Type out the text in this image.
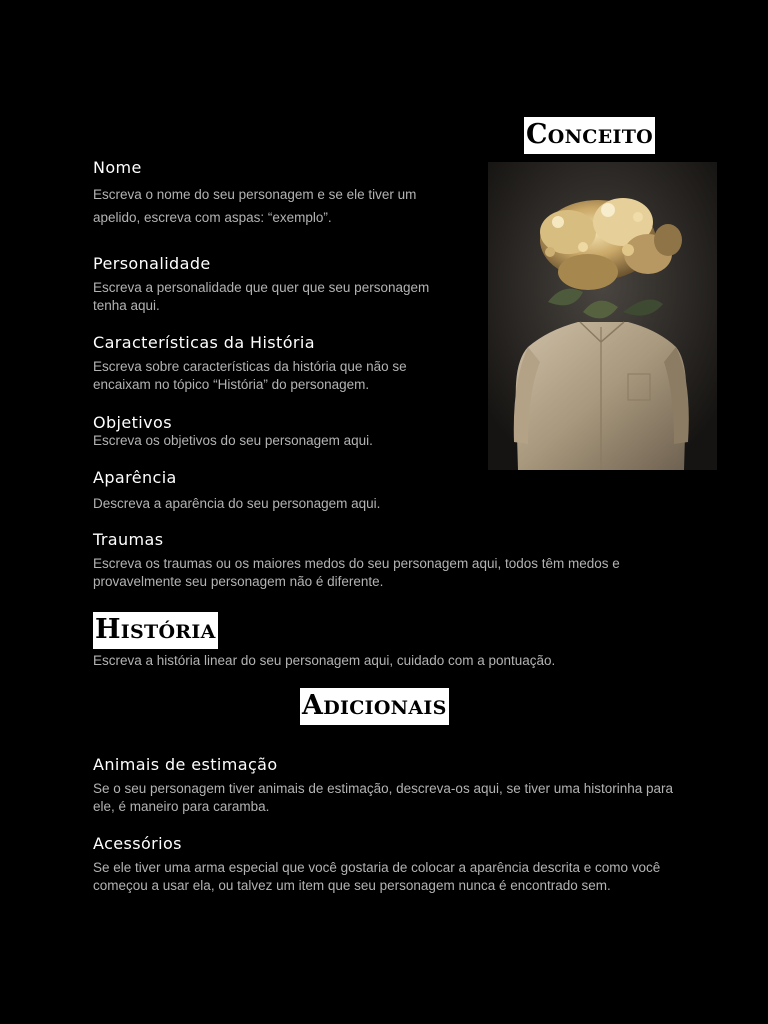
Conceito
Nome

Escreva o nome do seu personagem e se ele tiver um apelido, escreva com aspas: “exemplo”.

Personalidade

Escreva a personalidade que quer que seu personagem tenha aqui.

Características da História

Escreva sobre características da história que não se encaixam no tópico “História” do personagem.

Objetivos

Escreva os objetivos do seu personagem aqui.

Aparência

Descreva a aparência do seu personagem aqui.

Traumas

Escreva os traumas ou os maiores medos do seu personagem aqui, todos têm medos e provavelmente seu personagem não é diferente.

História

Escreva a história linear do seu personagem aqui, cuidado com a pontuação.

Adicionais
Animais de estimação

Se o seu personagem tiver animais de estimação, descreva-os aqui, se tiver uma historinha para ele, é maneiro para caramba.

Acessórios

Se ele tiver uma arma especial que você gostaria de colocar a aparência descrita e como você começou a usar ela, ou talvez um item que seu personagem nunca é encontrado sem.
